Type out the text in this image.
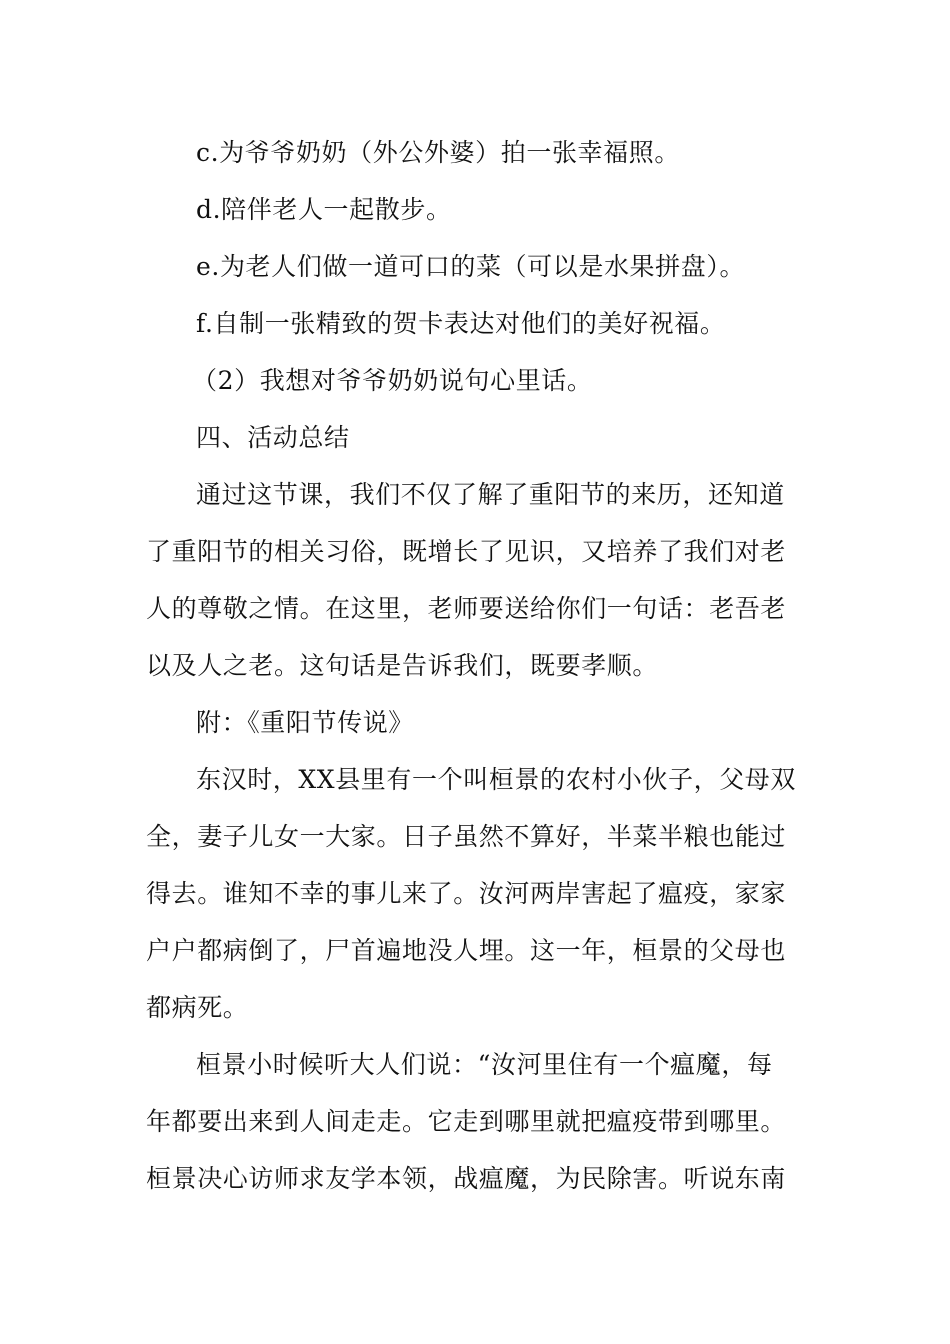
c.为爷爷奶奶（外公外婆）拍一张幸福照。
d.陪伴老人一起散步。
e.为老人们做一道可口的菜（可以是水果拼盘）。
f.自制一张精致的贺卡表达对他们的美好祝福。
（2）我想对爷爷奶奶说句心里话。
四、活动总结
通过这节课，我们不仅了解了重阳节的来历，还知道
了重阳节的相关习俗，既增长了见识，又培养了我们对老
人的尊敬之情。在这里，老师要送给你们一句话：老吾老
以及人之老。这句话是告诉我们，既要孝顺。
附：《重阳节传说》
东汉时，XX县里有一个叫桓景的农村小伙子，父母双
全，妻子儿女一大家。日子虽然不算好，半菜半粮也能过
得去。谁知不幸的事儿来了。汝河两岸害起了瘟疫，家家
户户都病倒了，尸首遍地没人埋。这一年，桓景的父母也
都病死。
桓景小时候听大人们说：“汝河里住有一个瘟魔，每
年都要出来到人间走走。它走到哪里就把瘟疫带到哪里。
桓景决心访师求友学本领，战瘟魔，为民除害。听说东南
